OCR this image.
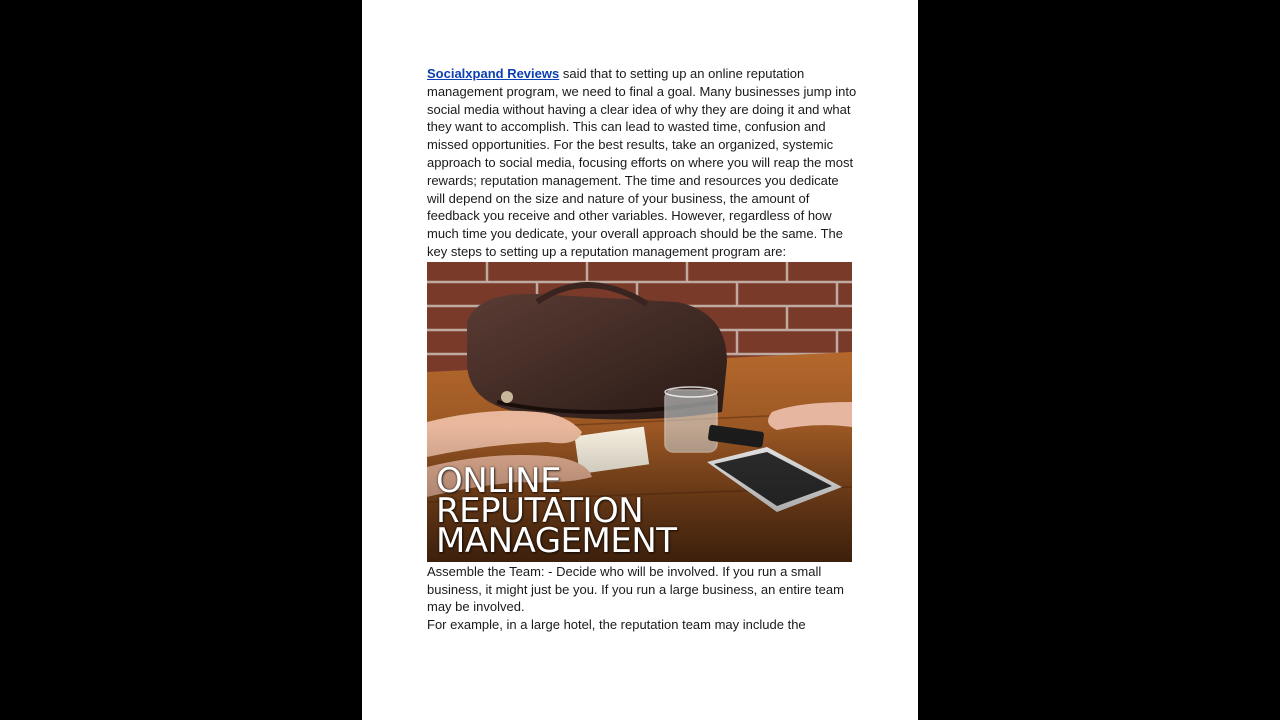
Socialxpand Reviews said that to setting up an online reputation management program, we need to final a goal. Many businesses jump into social media without having a clear idea of why they are doing it and what they want to accomplish. This can lead to wasted time, confusion and missed opportunities. For the best results, take an organized, systemic approach to social media, focusing efforts on where you will reap the most rewards; reputation management. The time and resources you dedicate will depend on the size and nature of your business, the amount of feedback you receive and other variables. However, regardless of how much time you dedicate, your overall approach should be the same. The key steps to setting up a reputation management program are:

ONLINE
REPUTATION
MANAGEMENT

Assemble the Team: - Decide who will be involved. If you run a small business, it might just be you. If you run a large business, an entire team may be involved.

For example, in a large hotel, the reputation team may include the
